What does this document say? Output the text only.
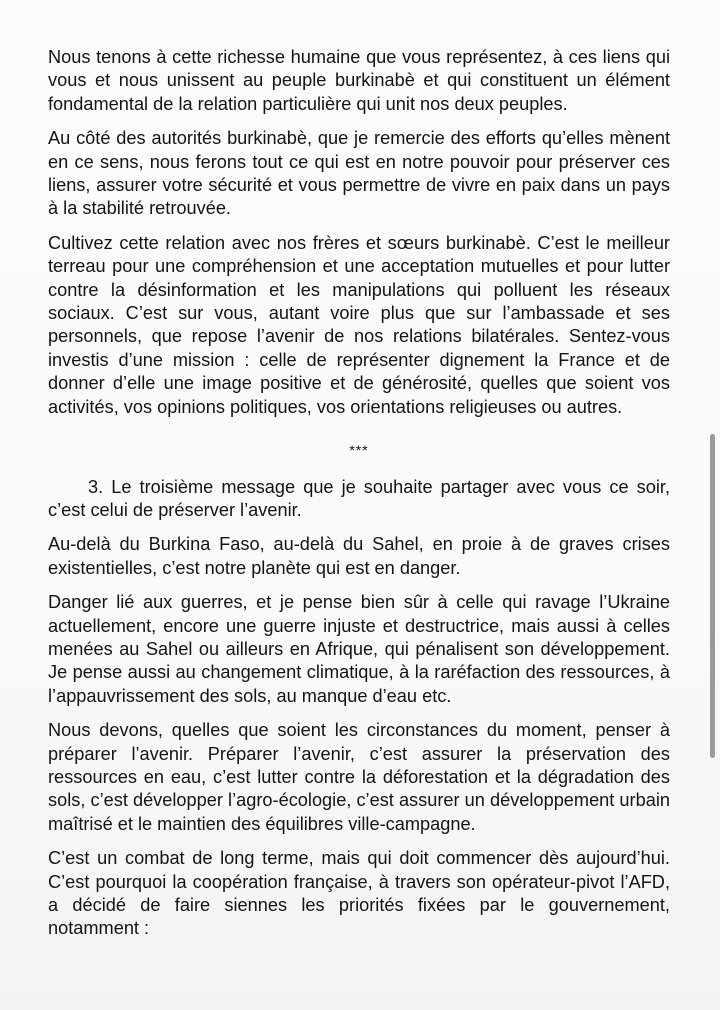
Nous tenons à cette richesse humaine que vous représentez, à ces liens qui vous et nous unissent au peuple burkinabè et qui constituent un élément fondamental de la relation particulière qui unit nos deux peuples.

Au côté des autorités burkinabè, que je remercie des efforts qu’elles mènent en ce sens, nous ferons tout ce qui est en notre pouvoir pour préserver ces liens, assurer votre sécurité et vous permettre de vivre en paix dans un pays à la stabilité retrouvée.

Cultivez cette relation avec nos frères et sœurs burkinabè. C’est le meilleur terreau pour une compréhension et une acceptation mutuelles et pour lutter contre la désinformation et les manipulations qui polluent les réseaux sociaux. C’est sur vous, autant voire plus que sur l’ambassade et ses personnels, que repose l’avenir de nos relations bilatérales. Sentez-vous investis d’une mission : celle de représenter dignement la France et de donner d’elle une image positive et de générosité, quelles que soient vos activités, vos opinions politiques, vos orientations religieuses ou autres.

***

3. Le troisième message que je souhaite partager avec vous ce soir, c’est celui de préserver l’avenir.

Au-delà du Burkina Faso, au-delà du Sahel, en proie à de graves crises existentielles, c’est notre planète qui est en danger.

Danger lié aux guerres, et je pense bien sûr à celle qui ravage l’Ukraine actuellement, encore une guerre injuste et destructrice, mais aussi à celles menées au Sahel ou ailleurs en Afrique, qui pénalisent son développement. Je pense aussi au changement climatique, à la raréfaction des ressources, à l’appauvrissement des sols, au manque d’eau etc.

Nous devons, quelles que soient les circonstances du moment, penser à préparer l’avenir. Préparer l’avenir, c’est assurer la préservation des ressources en eau, c’est lutter contre la déforestation et la dégradation des sols, c’est développer l’agro-écologie, c’est assurer un développement urbain maîtrisé et le maintien des équilibres ville-campagne.

C’est un combat de long terme, mais qui doit commencer dès aujourd’hui. C’est pourquoi la coopération française, à travers son opérateur-pivot l’AFD, a décidé de faire siennes les priorités fixées par le gouvernement, notamment :
